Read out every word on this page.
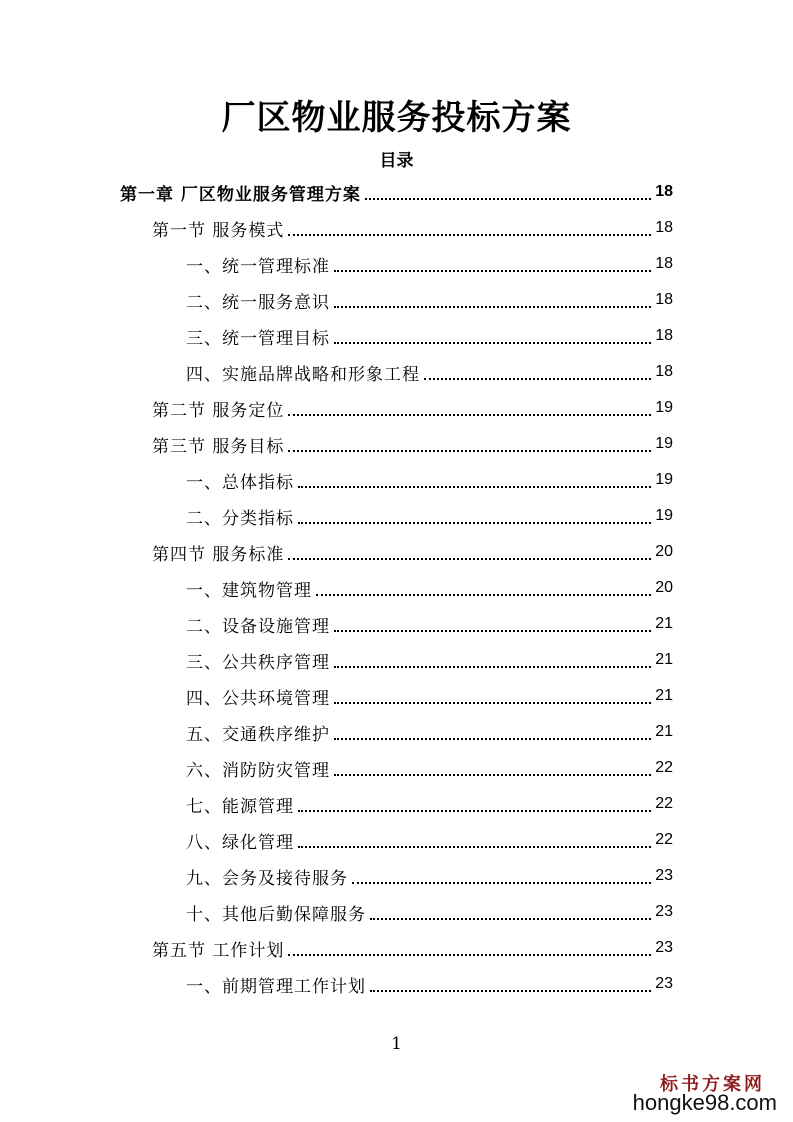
厂区物业服务投标方案
目录
第一章 厂区物业服务管理方案	18
第一节 服务模式	18
一、统一管理标准	18
二、统一服务意识	18
三、统一管理目标	18
四、实施品牌战略和形象工程	18
第二节 服务定位	19
第三节 服务目标	19
一、总体指标	19
二、分类指标	19
第四节 服务标准	20
一、建筑物管理	20
二、设备设施管理	21
三、公共秩序管理	21
四、公共环境管理	21
五、交通秩序维护	21
六、消防防灾管理	22
七、能源管理	22
八、绿化管理	22
九、会务及接待服务	23
十、其他后勤保障服务	23
第五节 工作计划	23
一、前期管理工作计划	23
1
标书方案网
hongke98.com
